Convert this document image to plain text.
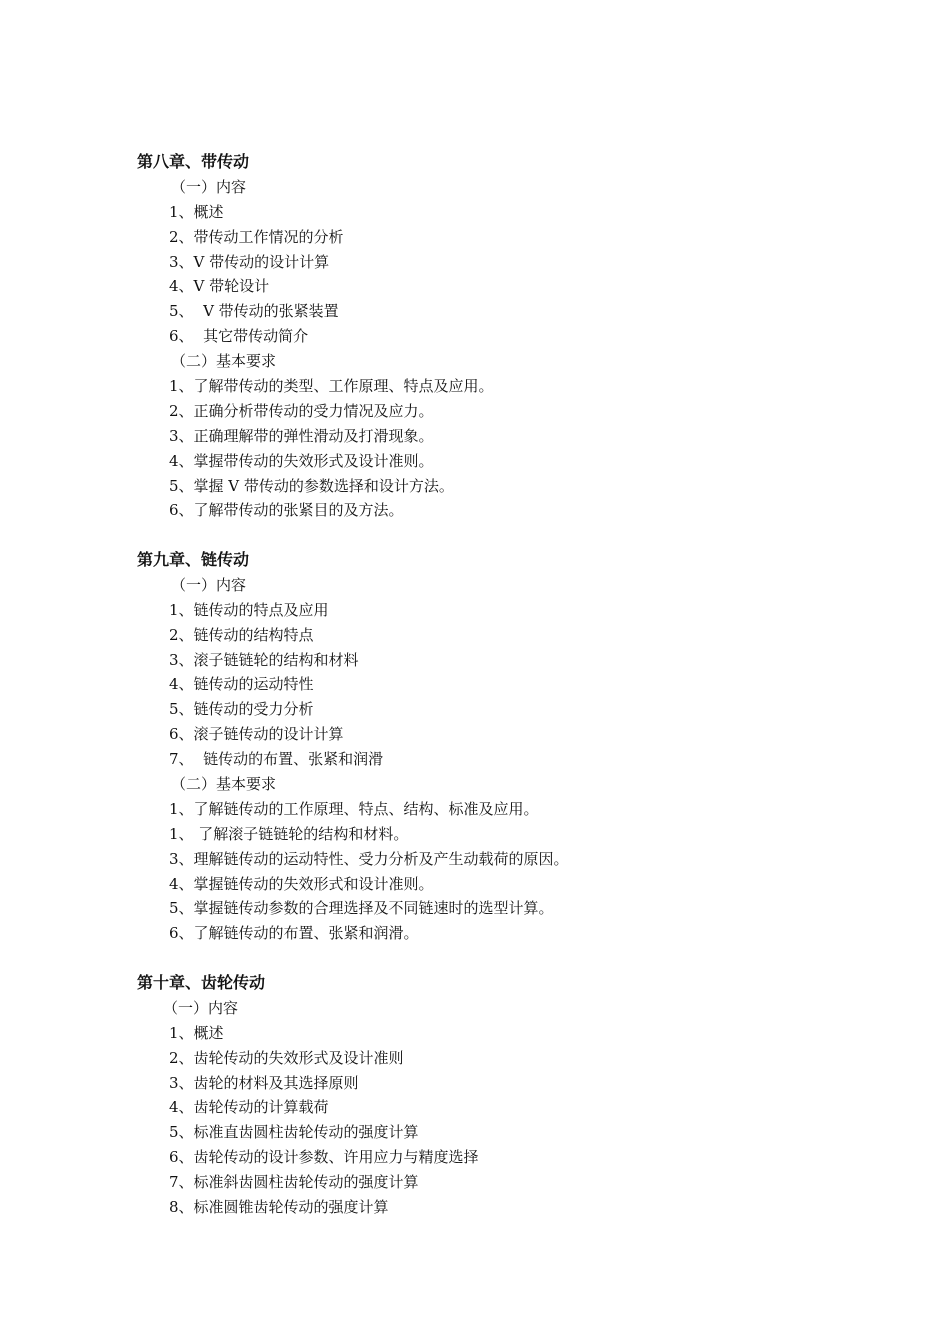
第八章、带传动
（一）内容
1、概述
2、带传动工作情况的分析
3、V 带传动的设计计算
4、V 带轮设计
5、  V 带传动的张紧装置
6、  其它带传动简介
（二）基本要求
1、了解带传动的类型、工作原理、特点及应用。
2、正确分析带传动的受力情况及应力。
3、正确理解带的弹性滑动及打滑现象。
4、掌握带传动的失效形式及设计准则。
5、掌握 V 带传动的参数选择和设计方法。
6、了解带传动的张紧目的及方法。
第九章、链传动
（一）内容
1、链传动的特点及应用
2、链传动的结构特点
3、滚子链链轮的结构和材料
4、链传动的运动特性
5、链传动的受力分析
6、滚子链传动的设计计算
7、  链传动的布置、张紧和润滑
（二）基本要求
1、了解链传动的工作原理、特点、结构、标准及应用。
1、 了解滚子链链轮的结构和材料。
3、理解链传动的运动特性、受力分析及产生动载荷的原因。
4、掌握链传动的失效形式和设计准则。
5、掌握链传动参数的合理选择及不同链速时的选型计算。
6、了解链传动的布置、张紧和润滑。
第十章、齿轮传动
（一）内容
1、概述
2、齿轮传动的失效形式及设计准则
3、齿轮的材料及其选择原则
4、齿轮传动的计算载荷
5、标准直齿圆柱齿轮传动的强度计算
6、齿轮传动的设计参数、许用应力与精度选择
7、标准斜齿圆柱齿轮传动的强度计算
8、标准圆锥齿轮传动的强度计算
